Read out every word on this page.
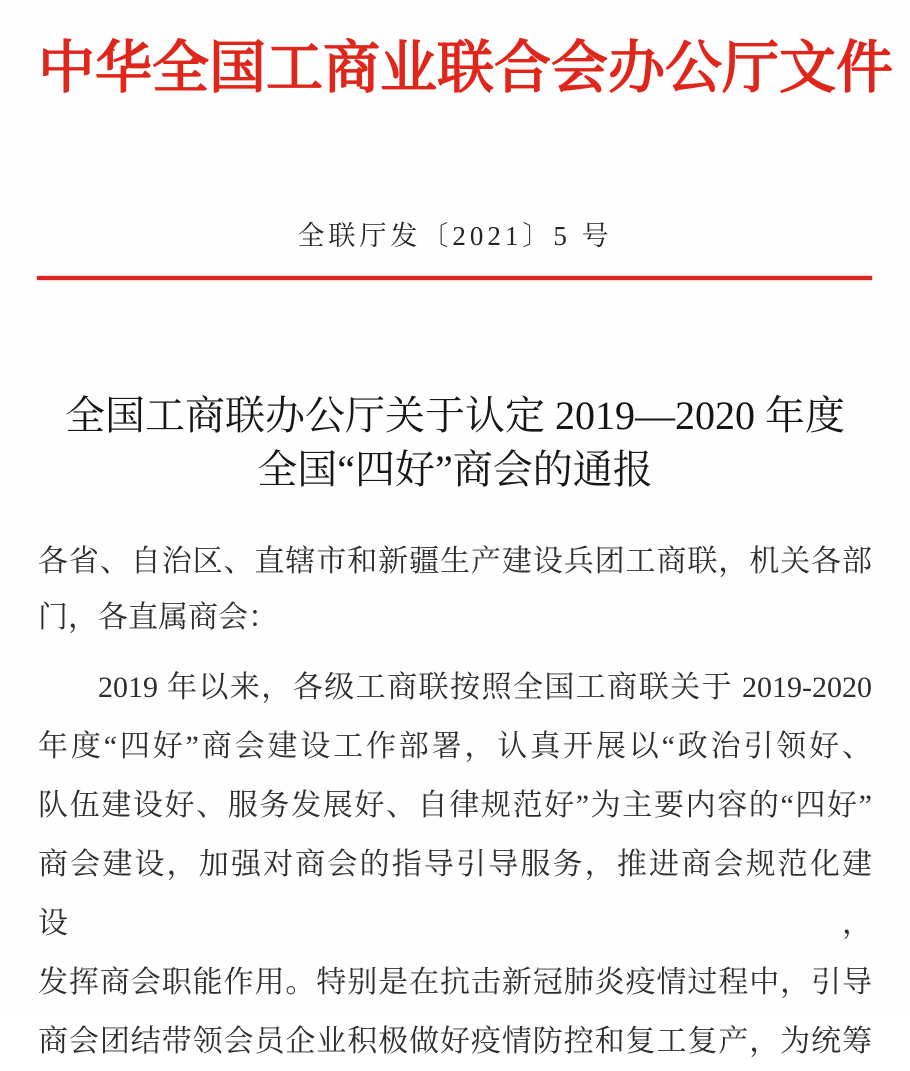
中华全国工商业联合会办公厅文件
全联厅发〔2021〕5 号
全国工商联办公厅关于认定 2019—2020 年度
全国“四好”商会的通报
各省、自治区、直辖市和新疆生产建设兵团工商联，机关各部
门，各直属商会：
2019 年以来，各级工商联按照全国工商联关于 2019-2020
年度“四好”商会建设工作部署，认真开展以“政治引领好、
队伍建设好、服务发展好、自律规范好”为主要内容的“四好”
商会建设，加强对商会的指导引导服务，推进商会规范化建设，
发挥商会职能作用。特别是在抗击新冠肺炎疫情过程中，引导
商会团结带领会员企业积极做好疫情防控和复工复产，为统筹
